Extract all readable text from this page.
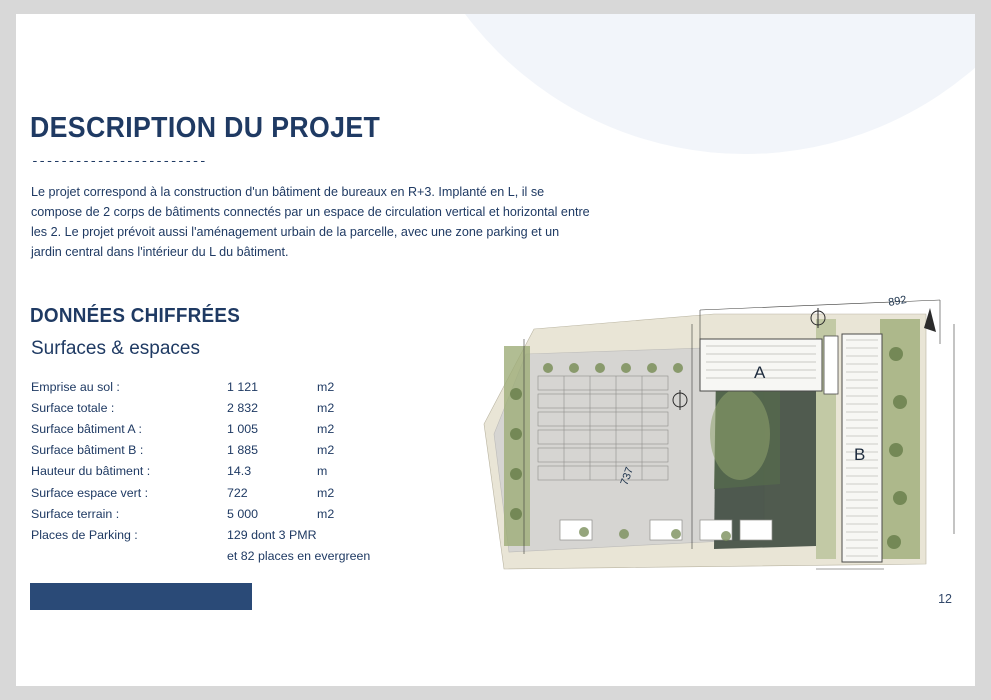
DESCRIPTION DU PROJET
------------------------
Le projet correspond à la construction d'un bâtiment de bureaux en R+3. Implanté en L, il se compose de 2 corps de bâtiments connectés par un espace de circulation vertical et horizontal entre les 2. Le projet prévoit aussi l'aménagement urbain de la parcelle, avec une zone parking et un jardin central dans l'intérieur du L du bâtiment.
DONNÉES CHIFFRÉES
Surfaces & espaces
Emprise au sol :	1 121	m2
Surface totale :	2 832	m2
Surface bâtiment A :	1 005	m2
Surface bâtiment B :	1 885	m2
Hauteur du bâtiment :	14.3	m
Surface espace vert :	722	m2
Surface terrain :	5 000	m2
Places de Parking :	129 dont 3 PMR	
	et 82 places en evergreen	
12
892
737
A
B
